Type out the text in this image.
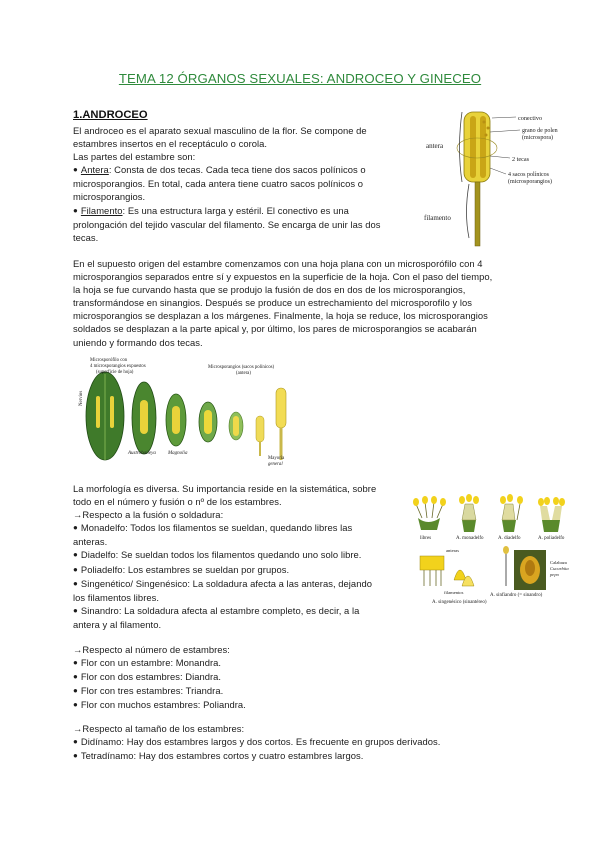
TEMA 12 ÓRGANOS SEXUALES: ANDROCEO Y GINECEO
1.ANDROCEO

El androceo es el aparato sexual masculino de la flor. Se compone de

estambres insertos en el receptáculo o corola.

Las partes del estambre son:

● Antera: Consta de dos tecas. Cada teca tiene dos sacos polínicos o

microsporangios. En total, cada antera tiene cuatro sacos polínicos o

microsporangios.

● Filamento: Es una estructura larga y estéril. El conectivo es una

prolongación del tejido vascular del filamento. Se encarga de unir las dos

tecas.

antera
filamento
conectivo
grano de polen
(microspora)
2 tecas
4 sacos polínicos
(microsporangios)

En el supuesto origen del estambre comenzamos con una hoja plana con un microsporófilo con 4

microsporangios separados entre sí y expuestos en la superficie de la hoja. Con el paso del tiempo,

la hoja se fue curvando hasta que se produjo la fusión de dos en dos de los microsporangios,

transformándose en sinangios. Después se produce un estrechamiento del microsporofilo y los

microsporangios se desplazan a los márgenes. Finalmente, la hoja se reduce, los microsporangios

soldados se desplazan a la parte apical y, por último, los pares de microsporangios se acabarán

uniendo y formando dos tecas.

Microsporófilo con
4 microsporangios expuestos
(superficie de hoja)
Microsporangios (sacos polínicos)
(antera)
Nervios
Austrobaileya Magnolia
Mayoría
general

La morfología es diversa. Su importancia reside en la sistemática, sobre

todo en el número y fusión o nº de los estambres.

→Respecto a la fusión o soldadura:

● Monadelfo: Todos los filamentos se sueldan, quedando libres las

anteras.

● Diadelfo: Se sueldan todos los filamentos quedando uno solo libre.

● Poliadelfo: Los estambres se sueldan por grupos.

● Singenético/ Singenésico: La soldadura afecta a las anteras, dejando

los filamentos libres.

● Sinandro: La soldadura afecta al estambre completo, es decir, a la

antera y al filamento.

libres	A. monadelfo	A. diadelfo	A. poliadelfo
anteras
filamentos
A. singenésico (sinantéreo)
A. sinfiandro (= sinandro)
Calabaza
Cucurbita
pepo

→Respecto al número de estambres:

● Flor con un estambre: Monandra.

● Flor con dos estambres: Diandra.

● Flor con tres estambres: Triandra.

● Flor con muchos estambres: Poliandra.

→Respecto al tamaño de los estambres:

● Didínamo: Hay dos estambres largos y dos cortos. Es frecuente en grupos derivados.

● Tetradínamo: Hay dos estambres cortos y cuatro estambres largos.
